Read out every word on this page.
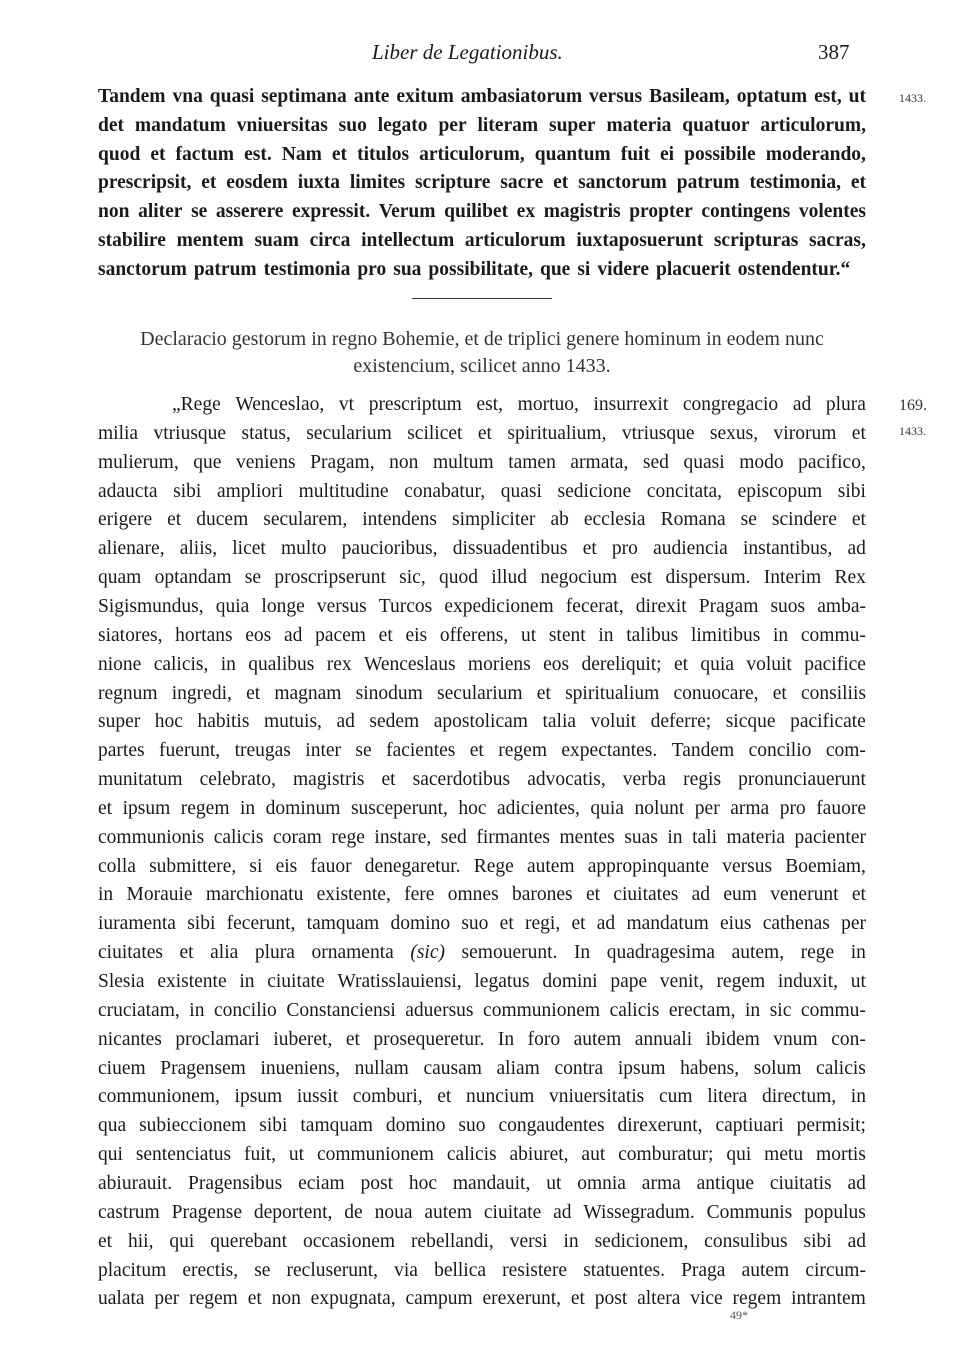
Liber de Legationibus.	387
1433.
169.
1433.
Tandem vna quasi septimana ante exitum ambasiatorum versus Basileam, optatum est, ut
det mandatum vniuersitas suo legato per literam super materia quatuor articulorum,
quod et factum est. Nam et titulos articulorum, quantum fuit ei possibile moderando,
prescripsit, et eosdem iuxta limites scripture sacre et sanctorum patrum testimonia, et
non aliter se asserere expressit. Verum quilibet ex magistris propter contingens volentes
stabilire mentem suam circa intellectum articulorum iuxtaposuerunt scripturas sacras,
sanctorum patrum testimonia pro sua possibilitate, que si videre placuerit ostendentur.“
Declaracio gestorum in regno Bohemie, et de triplici genere hominum in eodem nunc
existencium, scilicet anno 1433.
„Rege Wenceslao, vt prescriptum est, mortuo, insurrexit congregacio ad plura
milia vtriusque status, secularium scilicet et spiritualium, vtriusque sexus, virorum et
mulierum, que veniens Pragam, non multum tamen armata, sed quasi modo pacifico,
adaucta sibi ampliori multitudine conabatur, quasi sedicione concitata, episcopum sibi
erigere et ducem secularem, intendens simpliciter ab ecclesia Romana se scindere et
alienare, aliis, licet multo paucioribus, dissuadentibus et pro audiencia instantibus, ad
quam optandam se proscripserunt sic, quod illud negocium est dispersum. Interim Rex
Sigismundus, quia longe versus Turcos expedicionem fecerat, direxit Pragam suos amba-
siatores, hortans eos ad pacem et eis offerens, ut stent in talibus limitibus in commu-
nione calicis, in qualibus rex Wenceslaus moriens eos dereliquit; et quia voluit pacifice
regnum ingredi, et magnam sinodum secularium et spiritualium conuocare, et consiliis
super hoc habitis mutuis, ad sedem apostolicam talia voluit deferre; sicque pacificate
partes fuerunt, treugas inter se facientes et regem expectantes. Tandem concilio com-
munitatum celebrato, magistris et sacerdotibus advocatis, verba regis pronunciauerunt
et ipsum regem in dominum susceperunt, hoc adicientes, quia nolunt per arma pro fauore
communionis calicis coram rege instare, sed firmantes mentes suas in tali materia pacienter
colla submittere, si eis fauor denegaretur. Rege autem appropinquante versus Boemiam,
in Morauie marchionatu existente, fere omnes barones et ciuitates ad eum venerunt et
iuramenta sibi fecerunt, tamquam domino suo et regi, et ad mandatum eius cathenas per
ciuitates et alia plura ornamenta (sic) semouerunt. In quadragesima autem, rege in
Slesia existente in ciuitate Wratisslauiensi, legatus domini pape venit, regem induxit, ut
cruciatam, in concilio Constanciensi aduersus communionem calicis erectam, in sic commu-
nicantes proclamari iuberet, et prosequeretur. In foro autem annuali ibidem vnum con-
ciuem Pragensem inueniens, nullam causam aliam contra ipsum habens, solum calicis
communionem, ipsum iussit comburi, et nuncium vniuersitatis cum litera directum, in
qua subieccionem sibi tamquam domino suo congaudentes direxerunt, captiuari permisit;
qui sentenciatus fuit, ut communionem calicis abiuret, aut comburatur; qui metu mortis
abiurauit. Pragensibus eciam post hoc mandauit, ut omnia arma antique ciuitatis ad
castrum Pragense deportent, de noua autem ciuitate ad Wissegradum. Communis populus
et hii, qui querebant occasionem rebellandi, versi in sedicionem, consulibus sibi ad
placitum erectis, se recluserunt, via bellica resistere statuentes. Praga autem circum-
ualata per regem et non expugnata, campum erexerunt, et post altera vice regem intrantem
49*
